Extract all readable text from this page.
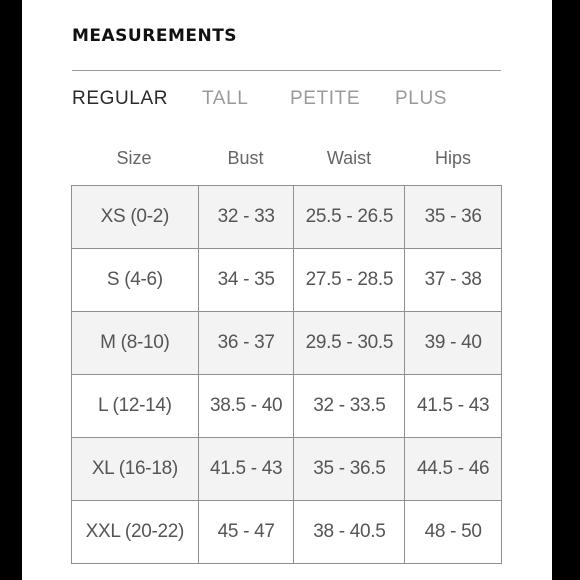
MEASUREMENTS
REGULAR TALL PETITE PLUS
Size	Bust	Waist	Hips
XS (0-2)	32 - 33	25.5 - 26.5	35 - 36
S (4-6)	34 - 35	27.5 - 28.5	37 - 38
M (8-10)	36 - 37	29.5 - 30.5	39 - 40
L (12-14)	38.5 - 40	32 - 33.5	41.5 - 43
XL (16-18)	41.5 - 43	35 - 36.5	44.5 - 46
XXL (20-22)	45 - 47	38 - 40.5	48 - 50
